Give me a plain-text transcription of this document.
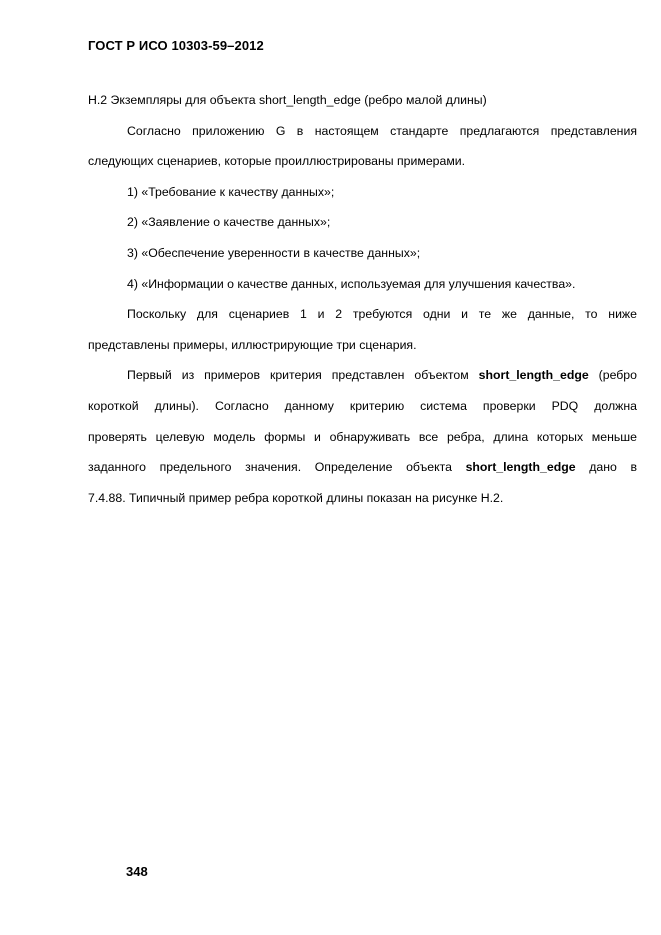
ГОСТ Р ИСО 10303-59–2012
Н.2 Экземпляры для объекта short_length_edge (ребро малой длины)
Согласно приложению G в настоящем стандарте предлагаются представления
следующих сценариев, которые проиллюстрированы примерами.
1) «Требование к качеству данных»;
2) «Заявление о качестве данных»;
3) «Обеспечение уверенности в качестве данных»;
4) «Информации о качестве данных, используемая для улучшения качества».
Поскольку для сценариев 1 и 2 требуются одни и те же данные, то ниже
представлены примеры, иллюстрирующие три сценария.
Первый из примеров критерия представлен объектом short_length_edge (ребро
короткой длины). Согласно данному критерию система проверки PDQ должна
проверять целевую модель формы и обнаруживать все ребра, длина которых меньше
заданного предельного значения. Определение объекта short_length_edge дано в
7.4.88. Типичный пример ребра короткой длины показан на рисунке Н.2.
348
